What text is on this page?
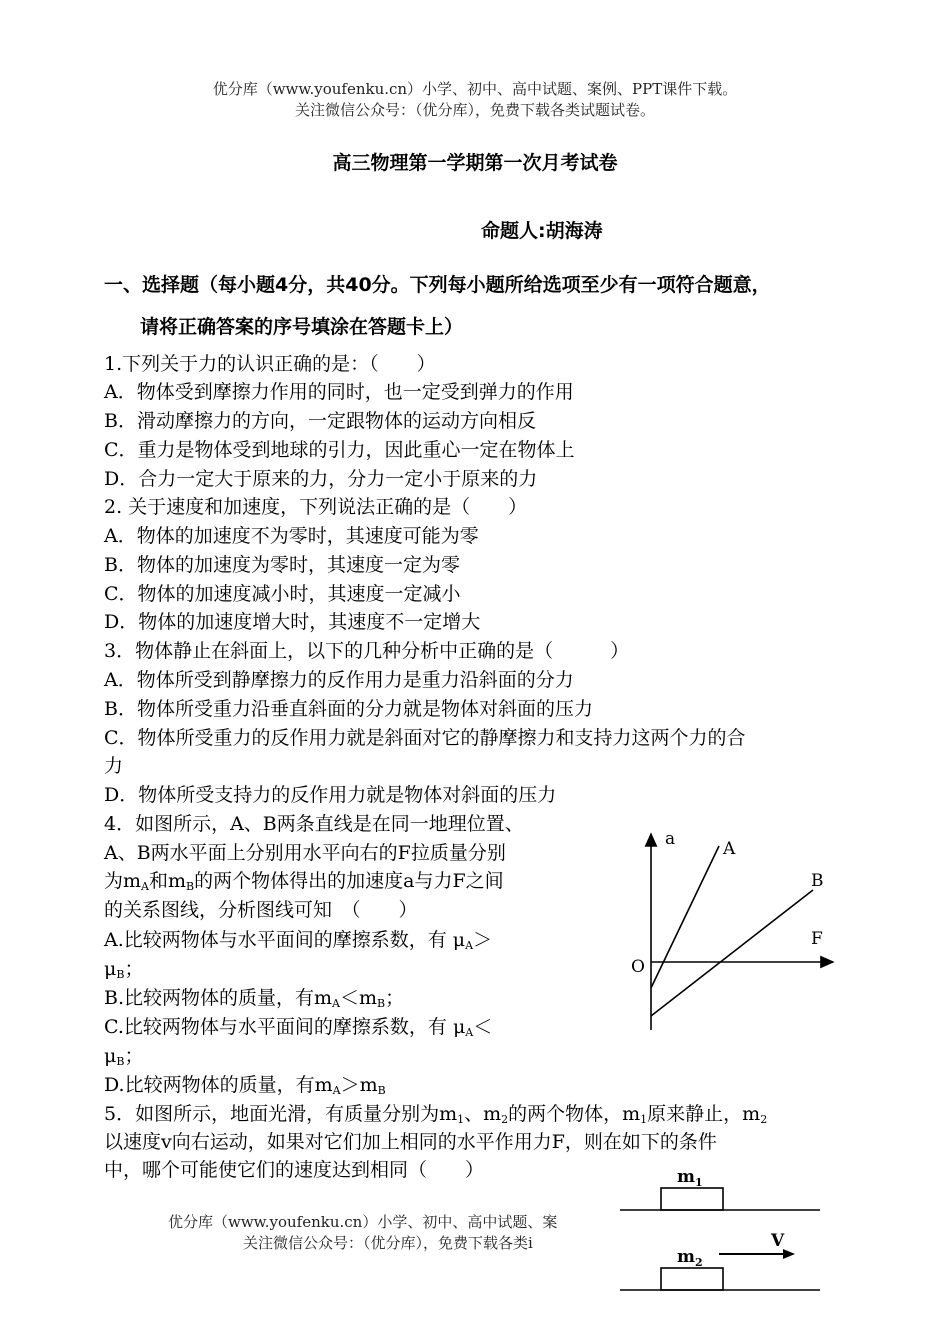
优分库（www.youfenku.cn）小学、初中、高中试题、案例、PPT课件下载。
关注微信公众号：（优分库），免费下载各类试题试卷。
高三物理第一学期第一次月考试卷
命题人:胡海涛
一、选择题（每小题4分，共40分。下列每小题所给选项至少有一项符合题意，
请将正确答案的序号填涂在答题卡上）
1.下列关于力的认识正确的是：（　　）
A．物体受到摩擦力作用的同时，也一定受到弹力的作用
B．滑动摩擦力的方向，一定跟物体的运动方向相反
C．重力是物体受到地球的引力，因此重心一定在物体上
D．合力一定大于原来的力，分力一定小于原来的力
2. 关于速度和加速度，下列说法正确的是（　　）
A．物体的加速度不为零时，其速度可能为零
B．物体的加速度为零时，其速度一定为零
C．物体的加速度减小时，其速度一定减小
D．物体的加速度增大时，其速度不一定增大
3．物体静止在斜面上，以下的几种分析中正确的是（　　　）
A．物体所受到静摩擦力的反作用力是重力沿斜面的分力
B．物体所受重力沿垂直斜面的分力就是物体对斜面的压力
C．物体所受重力的反作用力就是斜面对它的静摩擦力和支持力这两个力的合
力
D．物体所受支持力的反作用力就是物体对斜面的压力
4．如图所示，A、B两条直线是在同一地理位置、
A、B两水平面上分别用水平向右的F拉质量分别
为$m_A$和$m_B$的两个物体得出的加速度a与力F之间
的关系图线，分析图线可知　（　　）
A.比较两物体与水平面间的摩擦系数，有 $\mu_A>$
$\mu_B$；
B.比较两物体的质量，有$m_A<m_B$；
C.比较两物体与水平面间的摩擦系数，有 $\mu_A<$
$\mu_B$；
D.比较两物体的质量，有$m_A>m_B$
a	A
B
F
O
5．如图所示，地面光滑，有质量分别为$m_1$、$m_2$的两个物体，$m_1$原来静止，$m_2$
以速度v向右运动，如果对它们加上相同的水平作用力F，则在如下的条件
中，哪个可能使它们的速度达到相同（　　）	$m_1$
$m_2$
V
优分库（www.youfenku.cn）小学、初中、高中试题、案
关注微信公众号：（优分库），免费下载各类i
